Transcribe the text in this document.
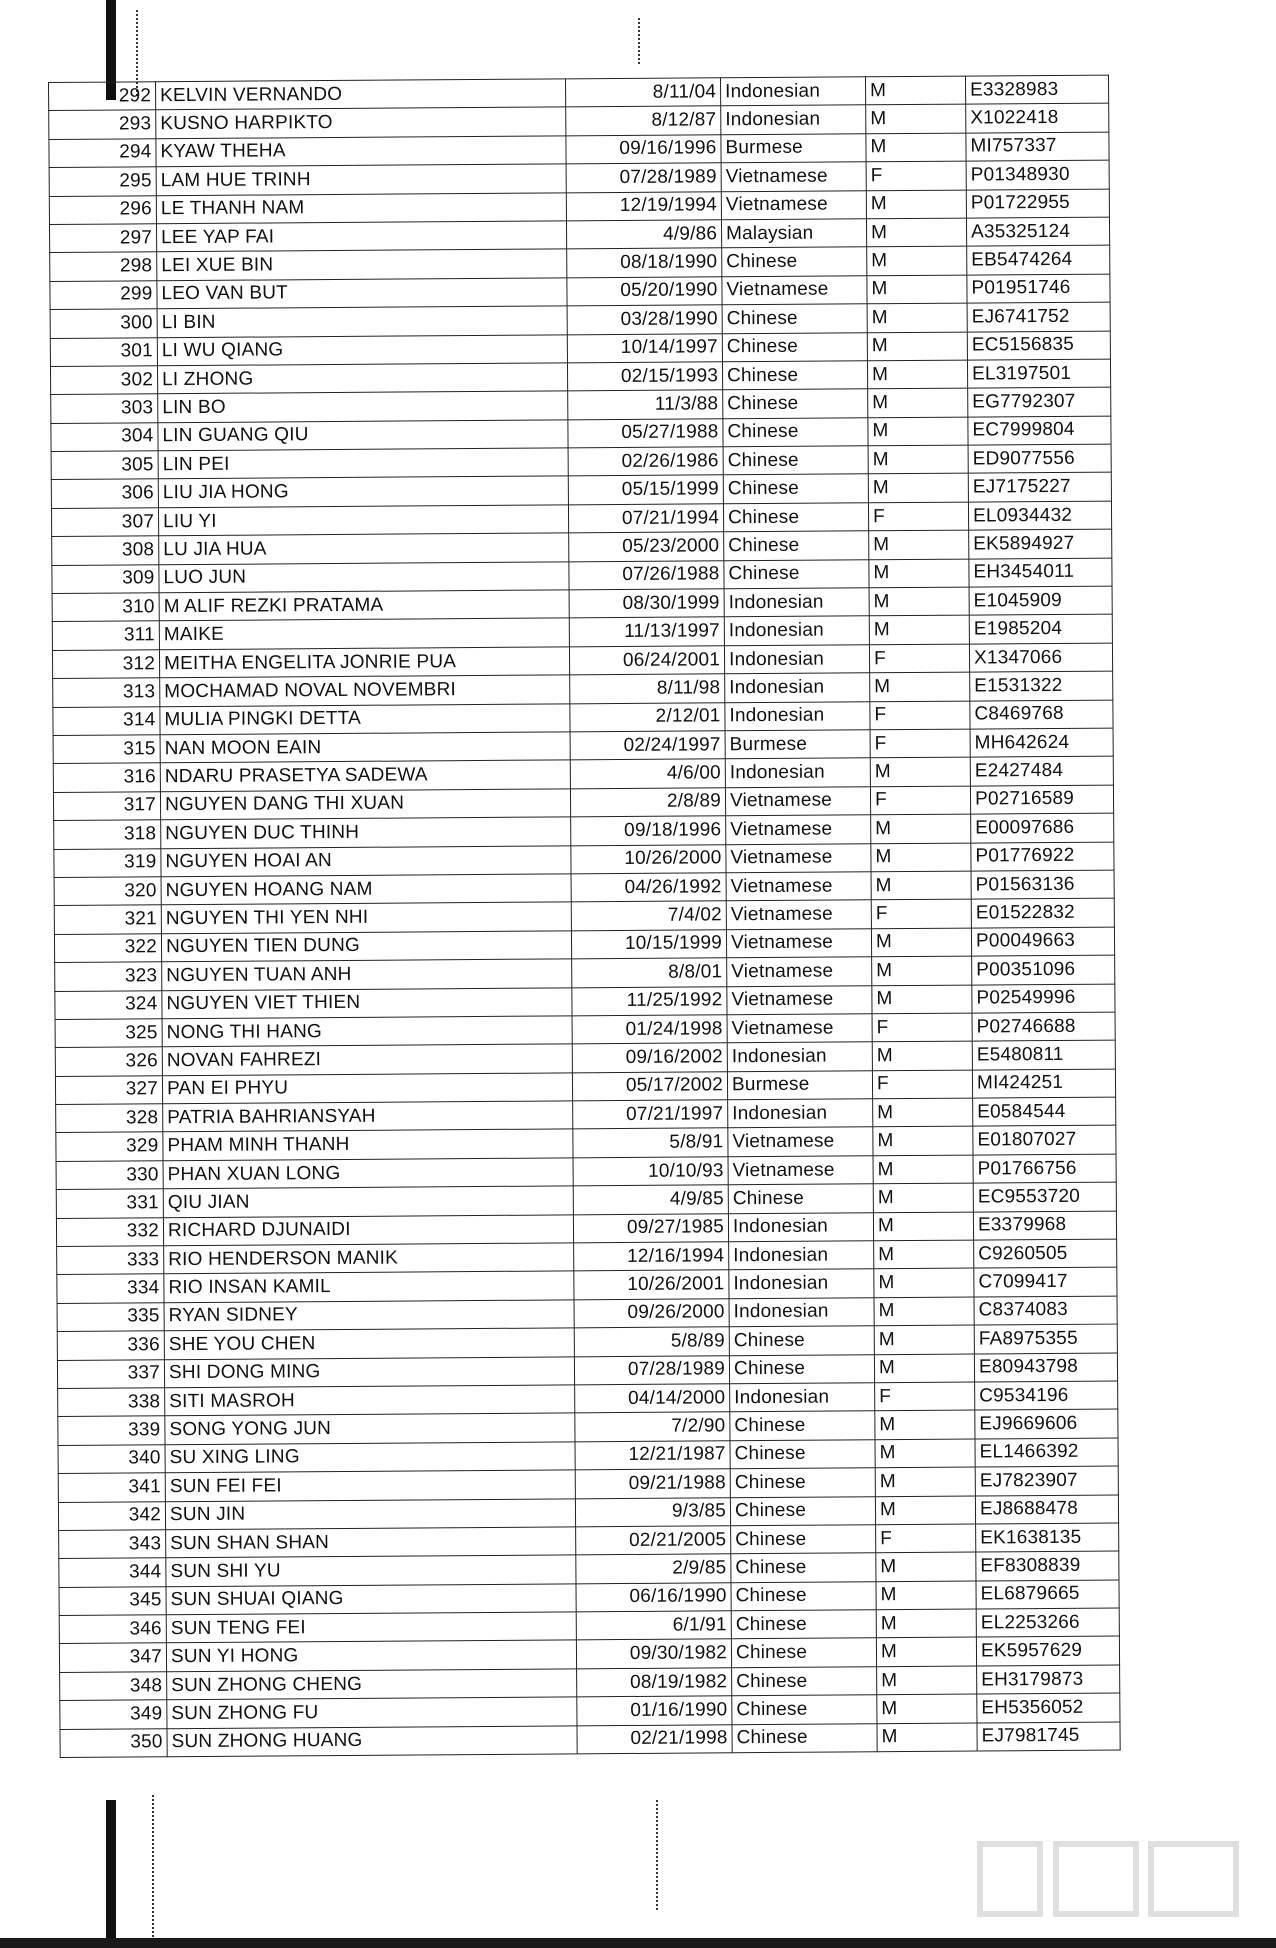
292	KELVIN VERNANDO	8/11/04	Indonesian	M	E3328983
293	KUSNO HARPIKTO	8/12/87	Indonesian	M	X1022418
294	KYAW THEHA	09/16/1996	Burmese	M	MI757337
295	LAM HUE TRINH	07/28/1989	Vietnamese	F	P01348930
296	LE THANH NAM	12/19/1994	Vietnamese	M	P01722955
297	LEE YAP FAI	4/9/86	Malaysian	M	A35325124
298	LEI XUE BIN	08/18/1990	Chinese	M	EB5474264
299	LEO VAN BUT	05/20/1990	Vietnamese	M	P01951746
300	LI BIN	03/28/1990	Chinese	M	EJ6741752
301	LI WU QIANG	10/14/1997	Chinese	M	EC5156835
302	LI ZHONG	02/15/1993	Chinese	M	EL3197501
303	LIN BO	11/3/88	Chinese	M	EG7792307
304	LIN GUANG QIU	05/27/1988	Chinese	M	EC7999804
305	LIN PEI	02/26/1986	Chinese	M	ED9077556
306	LIU JIA HONG	05/15/1999	Chinese	M	EJ7175227
307	LIU YI	07/21/1994	Chinese	F	EL0934432
308	LU JIA HUA	05/23/2000	Chinese	M	EK5894927
309	LUO JUN	07/26/1988	Chinese	M	EH3454011
310	M ALIF REZKI PRATAMA	08/30/1999	Indonesian	M	E1045909
311	MAIKE	11/13/1997	Indonesian	M	E1985204
312	MEITHA ENGELITA JONRIE PUA	06/24/2001	Indonesian	F	X1347066
313	MOCHAMAD NOVAL NOVEMBRI	8/11/98	Indonesian	M	E1531322
314	MULIA PINGKI DETTA	2/12/01	Indonesian	F	C8469768
315	NAN MOON EAIN	02/24/1997	Burmese	F	MH642624
316	NDARU PRASETYA SADEWA	4/6/00	Indonesian	M	E2427484
317	NGUYEN DANG THI XUAN	2/8/89	Vietnamese	F	P02716589
318	NGUYEN DUC THINH	09/18/1996	Vietnamese	M	E00097686
319	NGUYEN HOAI AN	10/26/2000	Vietnamese	M	P01776922
320	NGUYEN HOANG NAM	04/26/1992	Vietnamese	M	P01563136
321	NGUYEN THI YEN NHI	7/4/02	Vietnamese	F	E01522832
322	NGUYEN TIEN DUNG	10/15/1999	Vietnamese	M	P00049663
323	NGUYEN TUAN ANH	8/8/01	Vietnamese	M	P00351096
324	NGUYEN VIET THIEN	11/25/1992	Vietnamese	M	P02549996
325	NONG THI HANG	01/24/1998	Vietnamese	F	P02746688
326	NOVAN FAHREZI	09/16/2002	Indonesian	M	E5480811
327	PAN EI PHYU	05/17/2002	Burmese	F	MI424251
328	PATRIA BAHRIANSYAH	07/21/1997	Indonesian	M	E0584544
329	PHAM MINH THANH	5/8/91	Vietnamese	M	E01807027
330	PHAN XUAN LONG	10/10/93	Vietnamese	M	P01766756
331	QIU JIAN	4/9/85	Chinese	M	EC9553720
332	RICHARD DJUNAIDI	09/27/1985	Indonesian	M	E3379968
333	RIO HENDERSON MANIK	12/16/1994	Indonesian	M	C9260505
334	RIO INSAN KAMIL	10/26/2001	Indonesian	M	C7099417
335	RYAN SIDNEY	09/26/2000	Indonesian	M	C8374083
336	SHE YOU CHEN	5/8/89	Chinese	M	FA8975355
337	SHI DONG MING	07/28/1989	Chinese	M	E80943798
338	SITI MASROH	04/14/2000	Indonesian	F	C9534196
339	SONG YONG JUN	7/2/90	Chinese	M	EJ9669606
340	SU XING LING	12/21/1987	Chinese	M	EL1466392
341	SUN FEI FEI	09/21/1988	Chinese	M	EJ7823907
342	SUN JIN	9/3/85	Chinese	M	EJ8688478
343	SUN SHAN SHAN	02/21/2005	Chinese	F	EK1638135
344	SUN SHI YU	2/9/85	Chinese	M	EF8308839
345	SUN SHUAI QIANG	06/16/1990	Chinese	M	EL6879665
346	SUN TENG FEI	6/1/91	Chinese	M	EL2253266
347	SUN YI HONG	09/30/1982	Chinese	M	EK5957629
348	SUN ZHONG CHENG	08/19/1982	Chinese	M	EH3179873
349	SUN ZHONG FU	01/16/1990	Chinese	M	EH5356052
350	SUN ZHONG HUANG	02/21/1998	Chinese	M	EJ7981745
